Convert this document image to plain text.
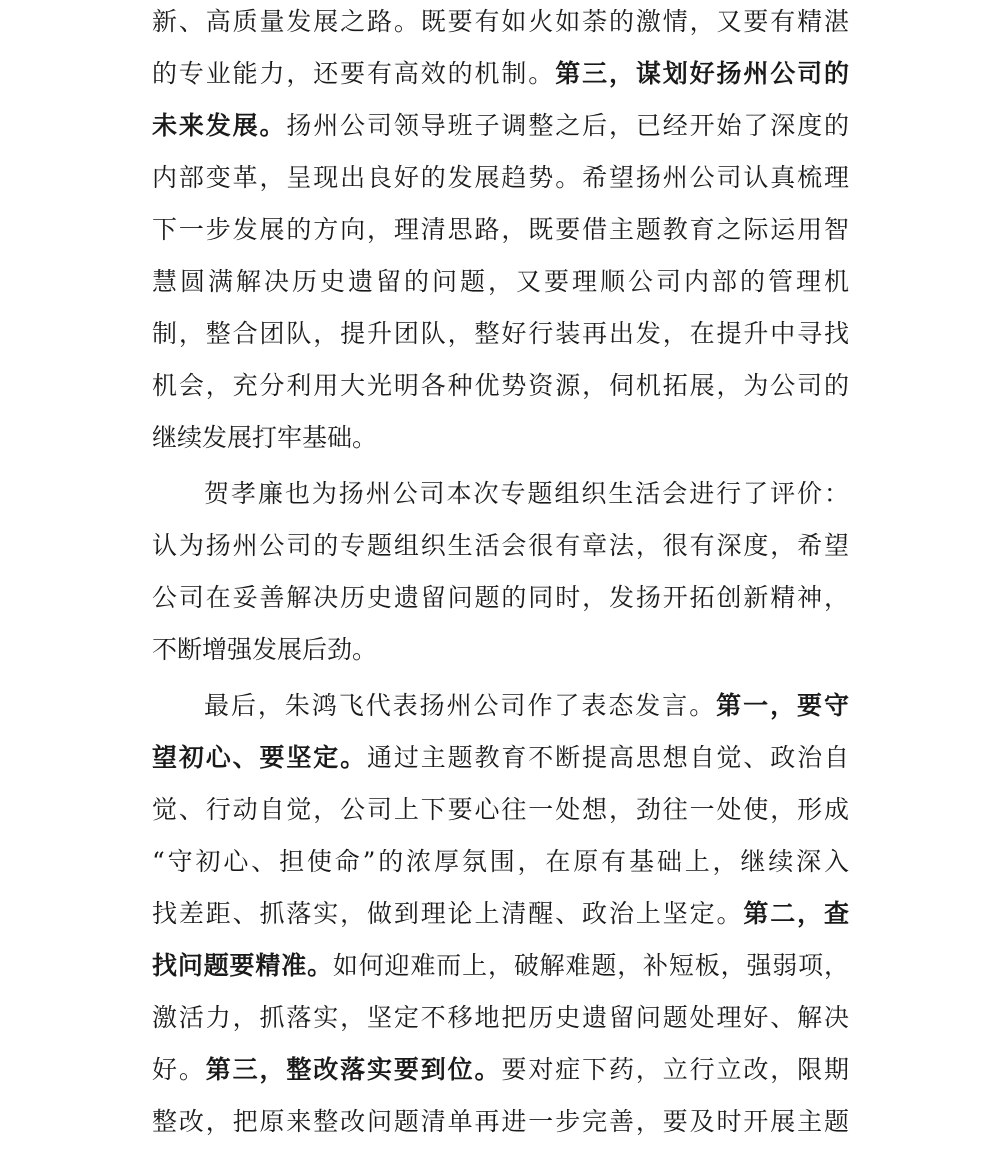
新、高质量发展之路。既要有如火如荼的激情，又要有精湛
的专业能力，还要有高效的机制。第三，谋划好扬州公司的
未来发展。扬州公司领导班子调整之后，已经开始了深度的
内部变革，呈现出良好的发展趋势。希望扬州公司认真梳理
下一步发展的方向，理清思路，既要借主题教育之际运用智
慧圆满解决历史遗留的问题，又要理顺公司内部的管理机
制，整合团队，提升团队，整好行装再出发，在提升中寻找
机会，充分利用大光明各种优势资源，伺机拓展，为公司的
继续发展打牢基础。
贺孝廉也为扬州公司本次专题组织生活会进行了评价：
认为扬州公司的专题组织生活会很有章法，很有深度，希望
公司在妥善解决历史遗留问题的同时，发扬开拓创新精神，
不断增强发展后劲。
最后，朱鸿飞代表扬州公司作了表态发言。第一，要守
望初心、要坚定。通过主题教育不断提高思想自觉、政治自
觉、行动自觉，公司上下要心往一处想，劲往一处使，形成
“守初心、担使命”的浓厚氛围，在原有基础上，继续深入
找差距、抓落实，做到理论上清醒、政治上坚定。第二，查
找问题要精准。如何迎难而上，破解难题，补短板，强弱项，
激活力，抓落实，坚定不移地把历史遗留问题处理好、解决
好。第三，整改落实要到位。要对症下药，立行立改，限期
整改，把原来整改问题清单再进一步完善，要及时开展主题
